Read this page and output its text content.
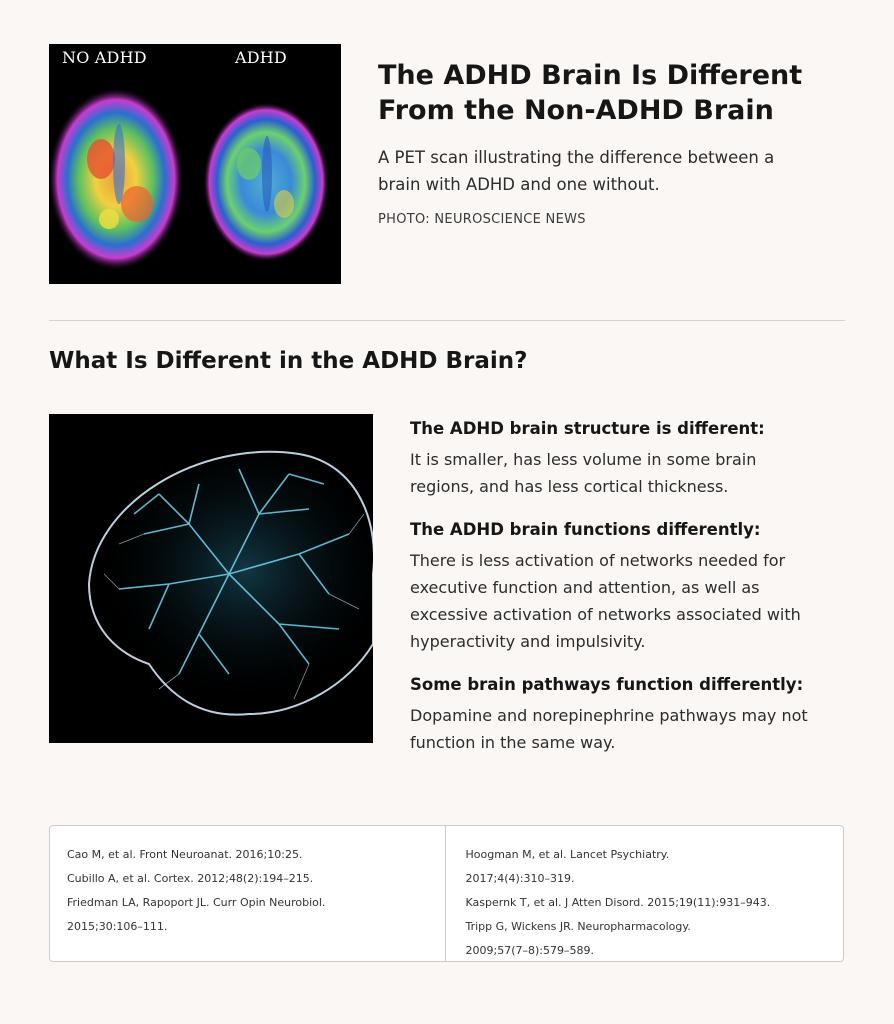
NO ADHD	ADHD
The ADHD Brain Is Different From the Non-ADHD Brain

A PET scan illustrating the difference between a brain with ADHD and one without.

PHOTO: NEUROSCIENCE NEWS

What Is Different in the ADHD Brain?

The ADHD brain structure is different:

It is smaller, has less volume in some brain regions, and has less cortical thickness.

The ADHD brain functions differently:

There is less activation of networks needed for executive function and attention, as well as excessive activation of networks associated with hyperactivity and impulsivity.

Some brain pathways function differently:

Dopamine and norepinephrine pathways may not function in the same way.

Cao M, et al. Front Neuroanat. 2016;10:25.
Cubillo A, et al. Cortex. 2012;48(2):194–215.
Friedman LA, Rapoport JL. Curr Opin Neurobiol.
2015;30:106–111.
Hoogman M, et al. Lancet Psychiatry.
2017;4(4):310–319.
Kaspernk T, et al. J Atten Disord. 2015;19(11):931–943.
Tripp G, Wickens JR. Neuropharmacology.
2009;57(7–8):579–589.
